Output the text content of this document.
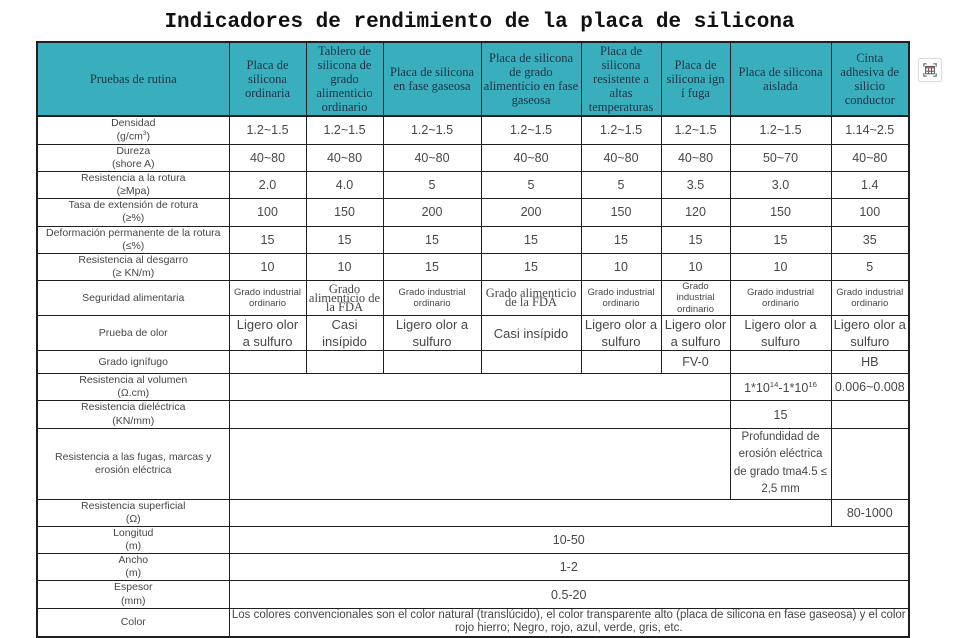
Indicadores de rendimiento de la placa de silicona
Pruebas de rutina	Placa de silicona ordinaria	Tablero de silicona de grado alimenticio ordinario	Placa de silicona en fase gaseosa	Placa de silicona de grado alimenticio en fase gaseosa	Placa de silicona resistente a altas temperaturas	Placa de silicona ign í fuga	Placa de silicona aislada	Cinta adhesiva de silicio conductor
Densidad
$(g/cm^3)$	1.2~1.5	1.2~1.5	1.2~1.5	1.2~1.5	1.2~1.5	1.2~1.5	1.2~1.5	1.14~2.5
Dureza
(shore A)	40~80	40~80	40~80	40~80	40~80	40~80	50~70	40~80
Resistencia a la rotura
(≥Mpa)	2.0	4.0	5	5	5	3.5	3.0	1.4
Tasa de extensión de rotura
(≥%)	100	150	200	200	150	120	150	100
Deformación permanente de la rotura
(≤%)	15	15	15	15	15	15	15	35
Resistencia al desgarro
(≥ KN/m)	10	10	15	15	10	10	10	5
Seguridad alimentaria	Grado industrial ordinario	Grado alimenticio de la FDA	Grado industrial ordinario	Grado alimenticio de la FDA	Grado industrial ordinario	Grado industrial ordinario	Grado industrial ordinario	Grado industrial ordinario
Prueba de olor	Ligero olor a sulfuro	Casi insípido	Ligero olor a sulfuro	Casi insípido	Ligero olor a sulfuro	Ligero olor a sulfuro	Ligero olor a sulfuro	Ligero olor a sulfuro
Grado ignífugo						FV-0		HB
Resistencia al volumen
(Ω.cm)							$1*10^{14}-1*10^{16}$	0.006~0.008
Resistencia dieléctrica
(KN/mm)							15	
Resistencia a las fugas, marcas y erosión eléctrica							Profundidad de erosión eléctrica de grado tma4.5 ≤ 2,5 mm	
Resistencia superficial
(Ω)								80-1000
Longitud
(m)	10-50							
Ancho
(m)	1-2							
Espesor
(mm)	0.5-20							
Color	Los colores convencionales son el color natural (translúcido), el color transparente alto (placa de silicona en fase gaseosa) y el color rojo hierro; Negro, rojo, azul, verde, gris, etc.							
